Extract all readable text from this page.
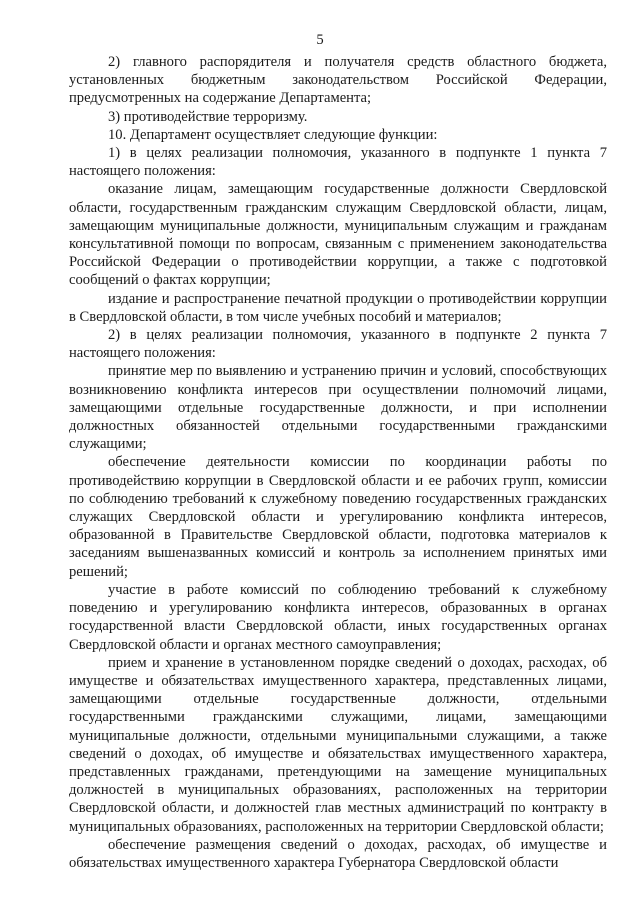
5

2) главного распорядителя и получателя средств областного бюджета, установленных бюджетным законодательством Российской Федерации, предусмотренных на содержание Департамента;

3) противодействие терроризму.

10. Департамент осуществляет следующие функции:

1) в целях реализации полномочия, указанного в подпункте 1 пункта 7 настоящего положения:

оказание лицам, замещающим государственные должности Свердловской области, государственным гражданским служащим Свердловской области, лицам, замещающим муниципальные должности, муниципальным служащим и гражданам консультативной помощи по вопросам, связанным с применением законодательства Российской Федерации о противодействии коррупции, а также с подготовкой сообщений о фактах коррупции;

издание и распространение печатной продукции о противодействии коррупции в Свердловской области, в том числе учебных пособий и материалов;

2) в целях реализации полномочия, указанного в подпункте 2 пункта 7 настоящего положения:

принятие мер по выявлению и устранению причин и условий, способствующих возникновению конфликта интересов при осуществлении полномочий лицами, замещающими отдельные государственные должности, и при исполнении должностных обязанностей отдельными государственными гражданскими служащими;

обеспечение деятельности комиссии по координации работы по противодействию коррупции в Свердловской области и ее рабочих групп, комиссии по соблюдению требований к служебному поведению государственных гражданских служащих Свердловской области и урегулированию конфликта интересов, образованной в Правительстве Свердловской области, подготовка материалов к заседаниям вышеназванных комиссий и контроль за исполнением принятых ими решений;

участие в работе комиссий по соблюдению требований к служебному поведению и урегулированию конфликта интересов, образованных в органах государственной власти Свердловской области, иных государственных органах Свердловской области и органах местного самоуправления;

прием и хранение в установленном порядке сведений о доходах, расходах, об имуществе и обязательствах имущественного характера, представленных лицами, замещающими отдельные государственные должности, отдельными государственными гражданскими служащими, лицами, замещающими муниципальные должности, отдельными муниципальными служащими, а также сведений о доходах, об имуществе и обязательствах имущественного характера, представленных гражданами, претендующими на замещение муниципальных должностей в муниципальных образованиях, расположенных на территории Свердловской области, и должностей глав местных администраций по контракту в муниципальных образованиях, расположенных на территории Свердловской области;

обеспечение размещения сведений о доходах, расходах, об имуществе и обязательствах имущественного характера Губернатора Свердловской области
